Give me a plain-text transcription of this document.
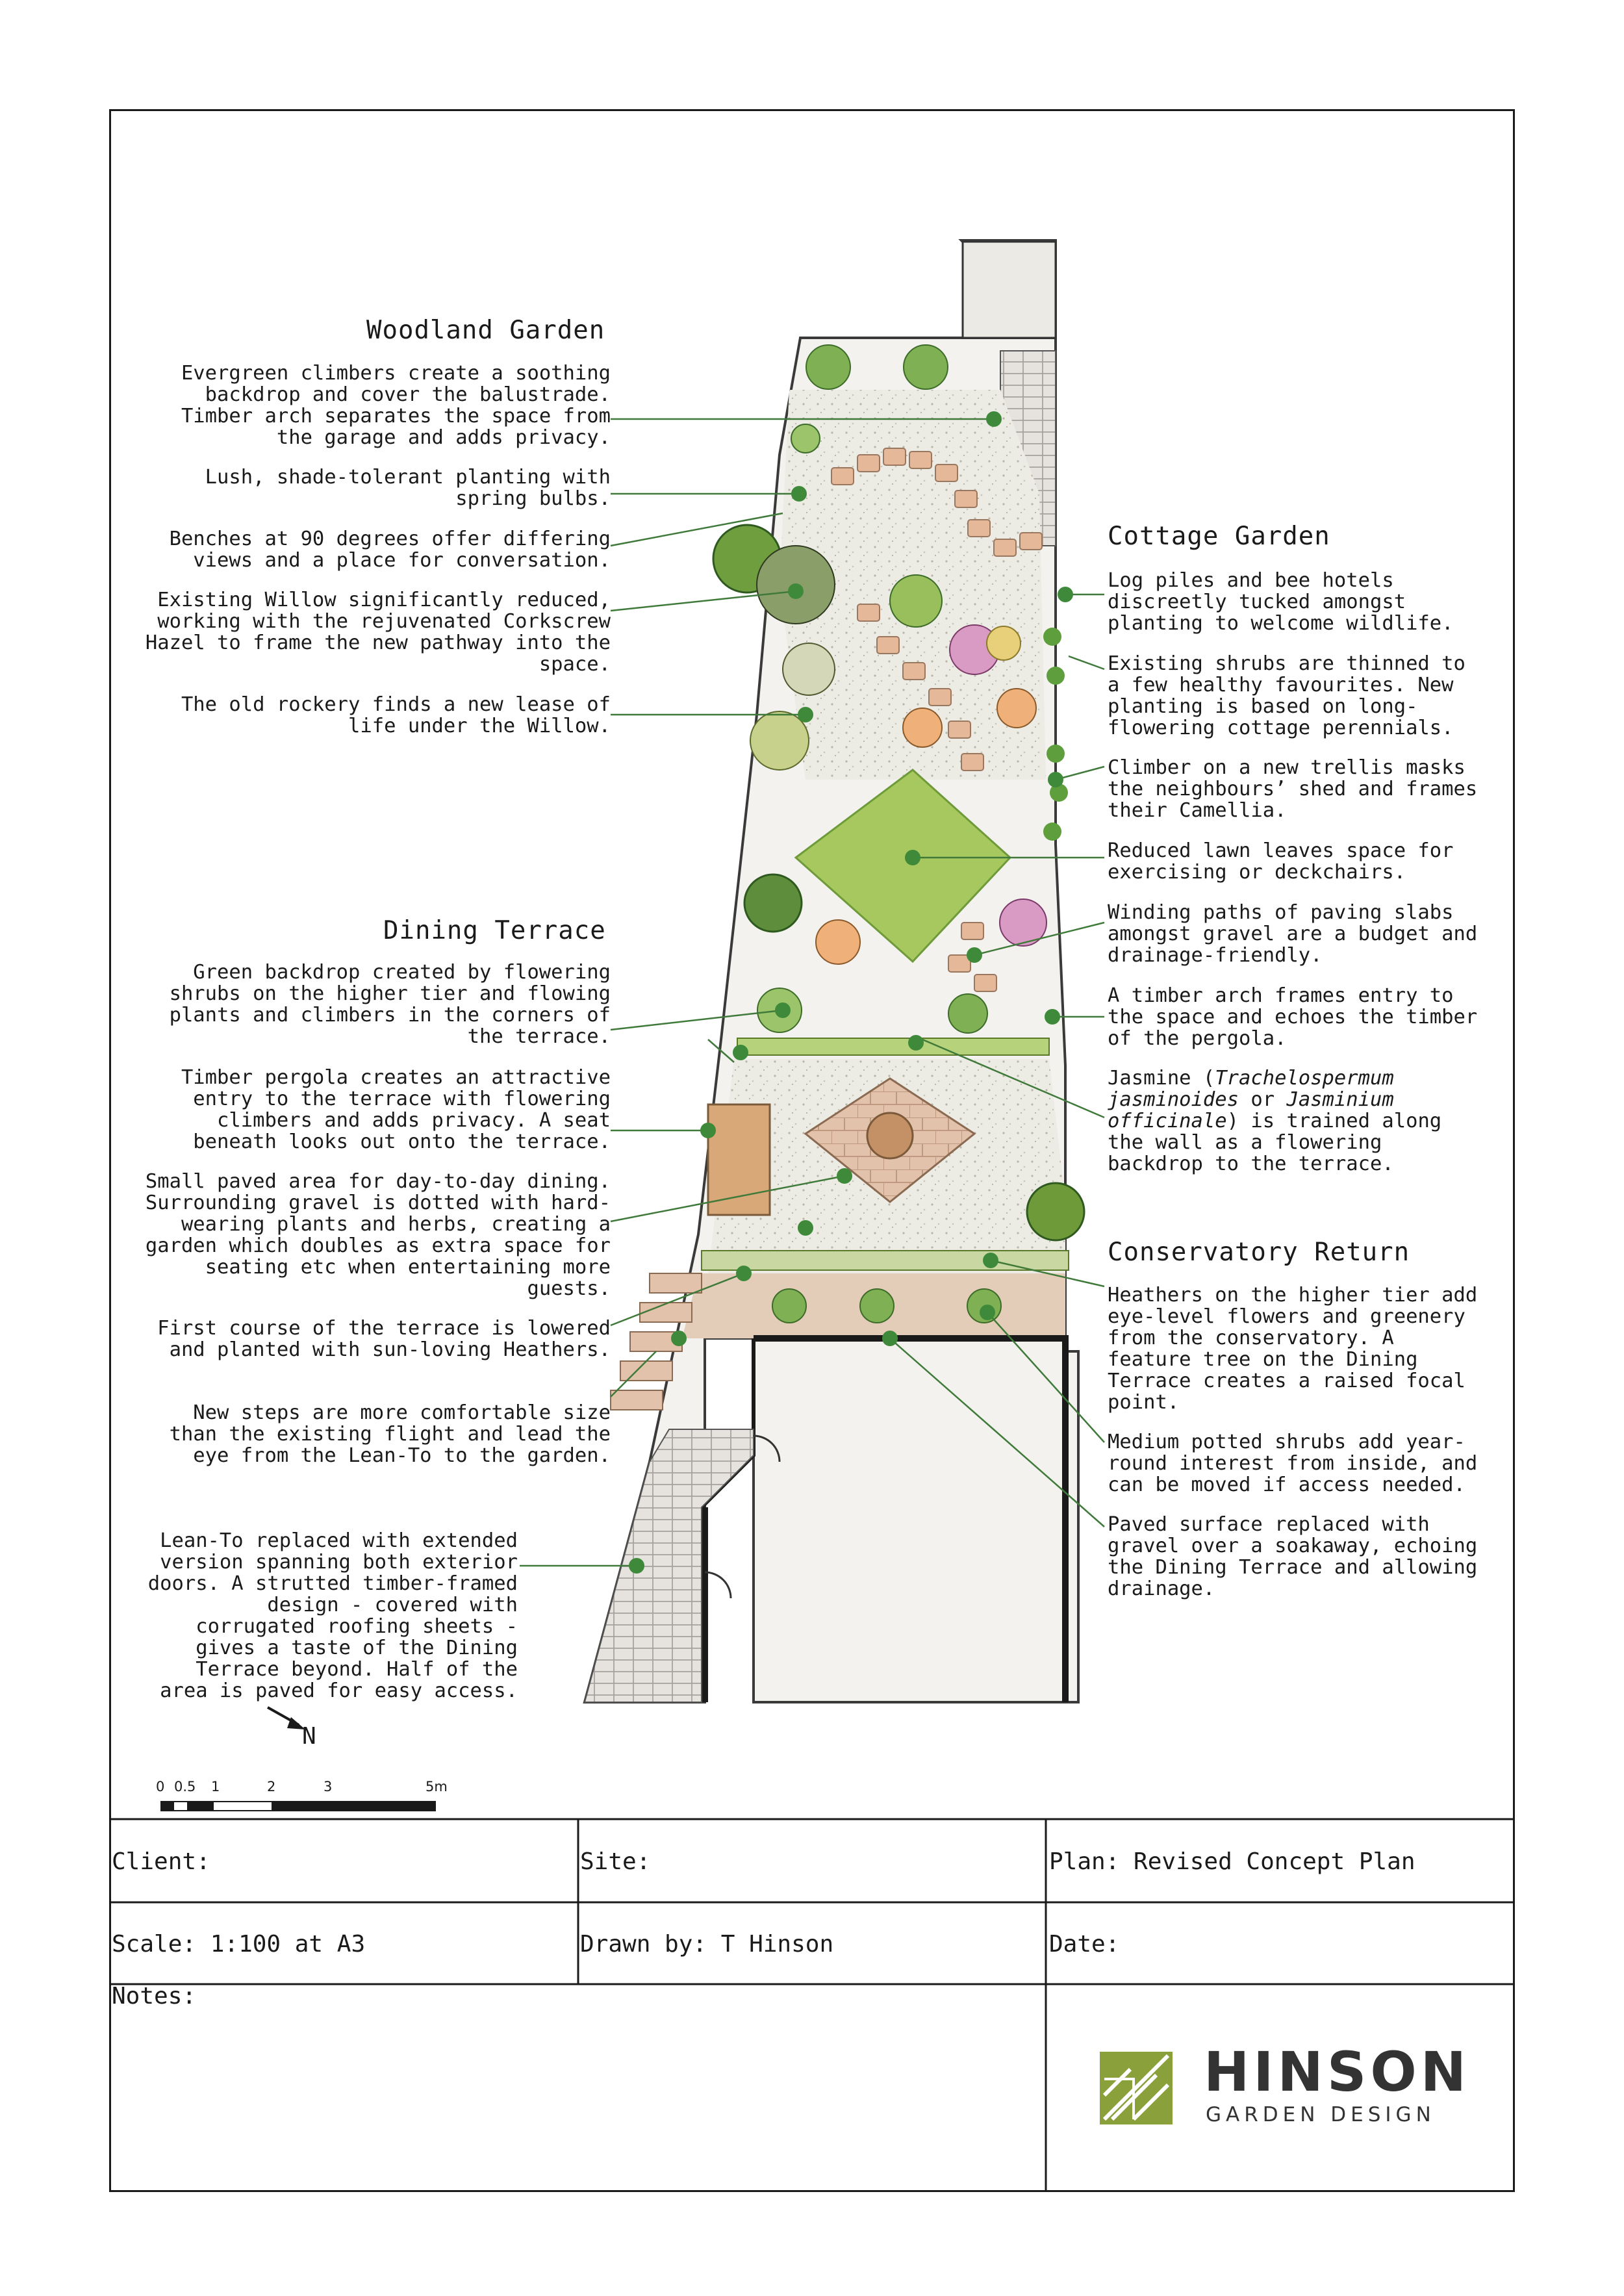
Woodland Garden
Cottage Garden
Dining Terrace
Conservatory Return
Evergreen climbers create a soothing
backdrop and cover the balustrade.
Timber arch separates the space from
the garage and adds privacy.
Lush, shade-tolerant planting with
spring bulbs.
Benches at 90 degrees offer differing
views and a place for conversation.
Existing Willow significantly reduced,
working with the rejuvenated Corkscrew
Hazel to frame the new pathway into the
space.
The old rockery finds a new lease of
life under the Willow.
Green backdrop created by flowering
shrubs on the higher tier and flowing
plants and climbers in the corners of
the terrace.
Timber pergola creates an attractive
entry to the terrace with flowering
climbers and adds privacy. A seat
beneath looks out onto the terrace.
Small paved area for day-to-day dining.
Surrounding gravel is dotted with hard-
wearing plants and herbs, creating a
garden which doubles as extra space for
seating etc when entertaining more
guests.
First course of the terrace is lowered
and planted with sun-loving Heathers.
New steps are more comfortable size
than the existing flight and lead the
eye from the Lean-To to the garden.
Lean-To replaced with extended
version spanning both exterior
doors. A strutted timber-framed
design - covered with
corrugated roofing sheets -
gives a taste of the Dining
Terrace beyond. Half of the
area is paved for easy access.
Log piles and bee hotels
discreetly tucked amongst
planting to welcome wildlife.
Existing shrubs are thinned to
a few healthy favourites. New
planting is based on long-
flowering cottage perennials.
Climber on a new trellis masks
the neighbours’ shed and frames
their Camellia.
Reduced lawn leaves space for
exercising or deckchairs.
Winding paths of paving slabs
amongst gravel are a budget and
drainage-friendly.
A timber arch frames entry to
the space and echoes the timber
of the pergola.
Jasmine (Trachelospermum
jasminoides or Jasminium
officinale) is trained along
the wall as a flowering
backdrop to the terrace.
Heathers on the higher tier add
eye-level flowers and greenery
from the conservatory. A
feature tree on the Dining
Terrace creates a raised focal
point.
Medium potted shrubs add year-
round interest from inside, and
can be moved if access needed.
Paved surface replaced with
gravel over a soakaway, echoing
the Dining Terrace and allowing
drainage.
N
0 0.5 1	2	3	5m
Client:	Site:	Plan: Revised Concept Plan
Scale: 1:100 at A3	Drawn by: T Hinson	Date:
Notes:
HINSON
GARDEN DESIGN
